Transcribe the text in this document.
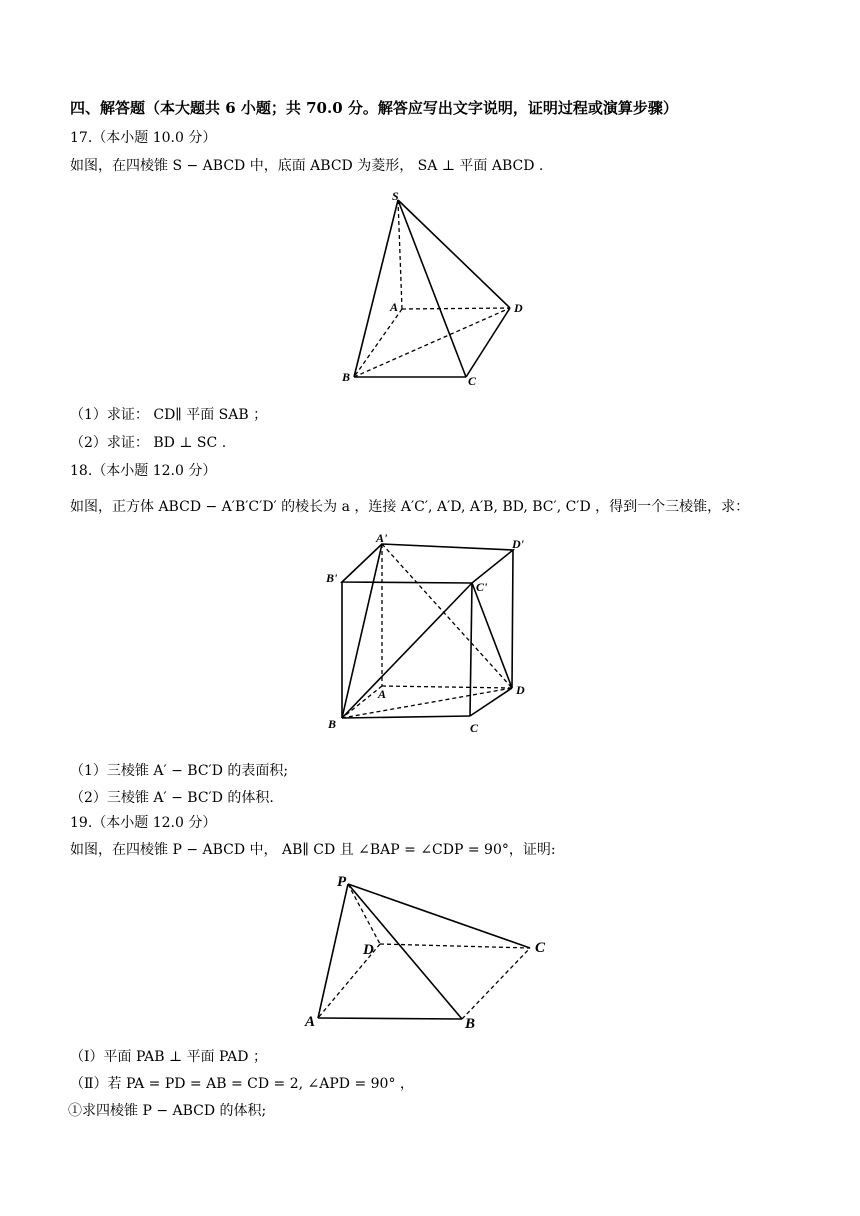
四、解答题（本大题共 6 小题；共 70.0 分。解答应写出文字说明，证明过程或演算步骤）
17.（本小题 10.0 分）
如图，在四棱锥 S − ABCD 中，底面 ABCD 为菱形， SA ⊥ 平面 ABCD .
S
A
B	C
D
（1）求证： CD∥ 平面 SAB ；
（2）求证： BD ⊥ SC .
18.（本小题 12.0 分）
如图，正方体 ABCD − A′B′C′D′ 的棱长为 a ，连接 A′C′, A′D, A′B, BD, BC′, C′D ，得到一个三棱锥，求：
A'	D'
B'
C'
A	D
B	C
（1）三棱锥 A′ − BC′D 的表面积;
（2）三棱锥 A′ − BC′D 的体积.
19.（本小题 12.0 分）
如图，在四棱锥 P − ABCD 中， AB∥ CD 且 ∠BAP = ∠CDP = 90°，证明:
P
D	C
A	B
（Ⅰ）平面 PAB ⊥ 平面 PAD ；
（Ⅱ）若 PA = PD = AB = CD = 2, ∠APD = 90° ，
①求四棱锥 P − ABCD 的体积;
